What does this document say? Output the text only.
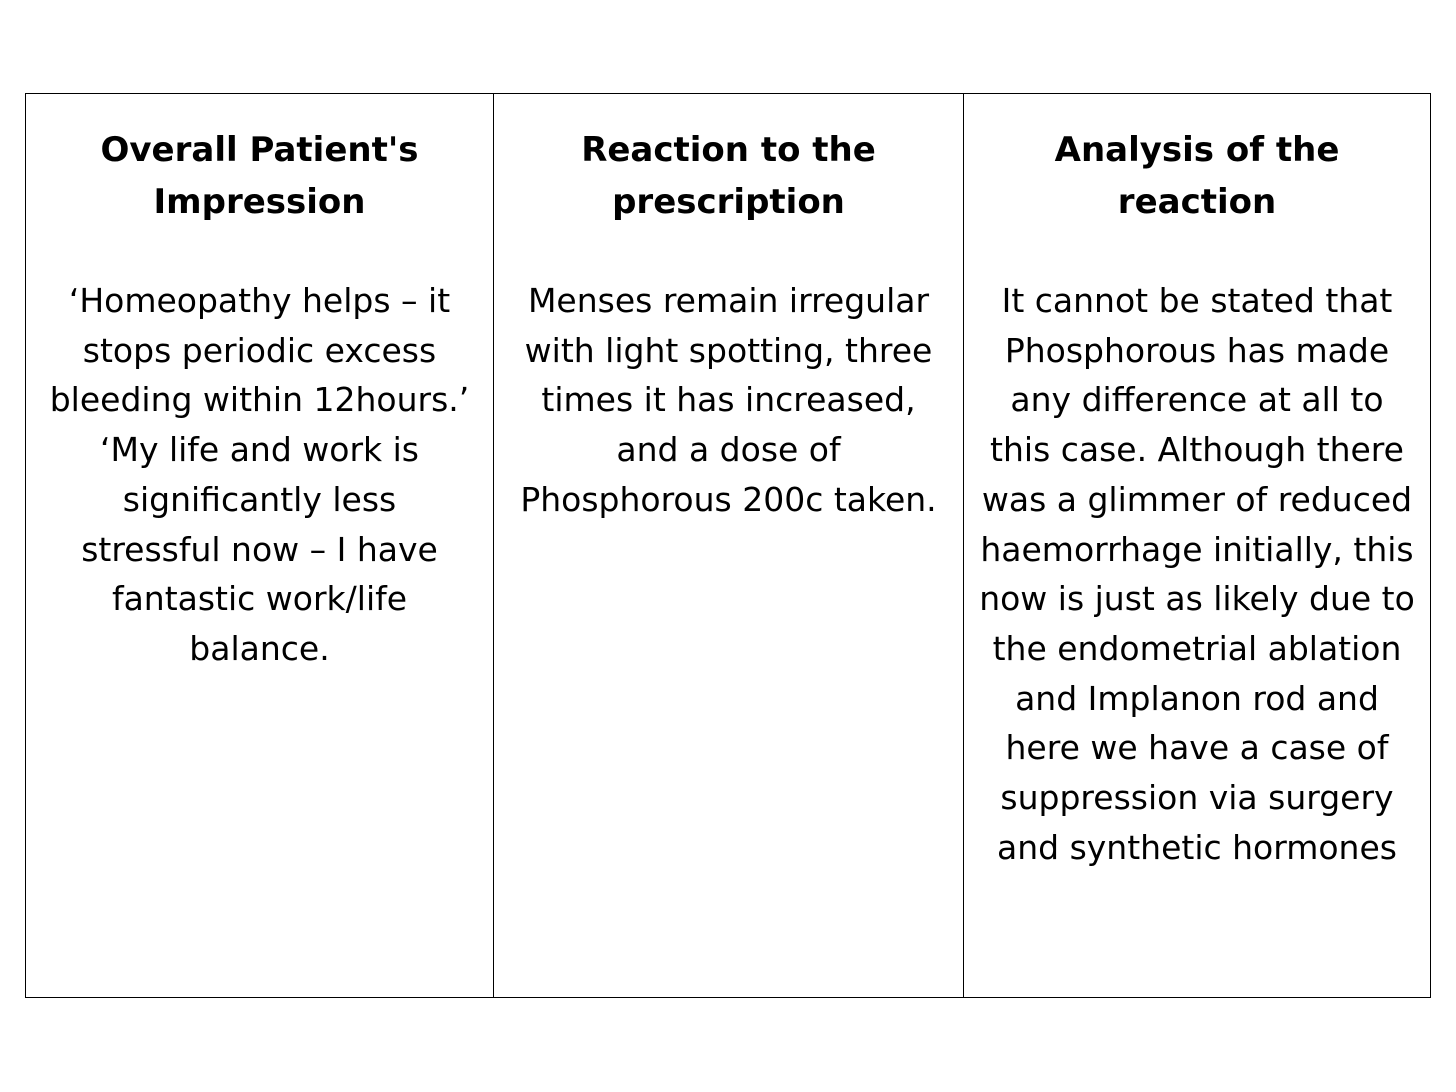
Overall Patient's
Impression

‘Homeopathy helps – it stops periodic excess bleeding within 12hours.’
‘My life and work is significantly less stressful now – I have fantastic work/life balance.

Reaction to the
prescription

Menses remain irregular with light spotting, three times it has increased, and a dose of Phosphorous 200c taken.

Analysis of the
reaction

It cannot be stated that Phosphorous has made any difference at all to this case. Although there was a glimmer of reduced haemorrhage initially, this now is just as likely due to the endometrial ablation and Implanon rod and here we have a case of suppression via surgery and synthetic hormones
